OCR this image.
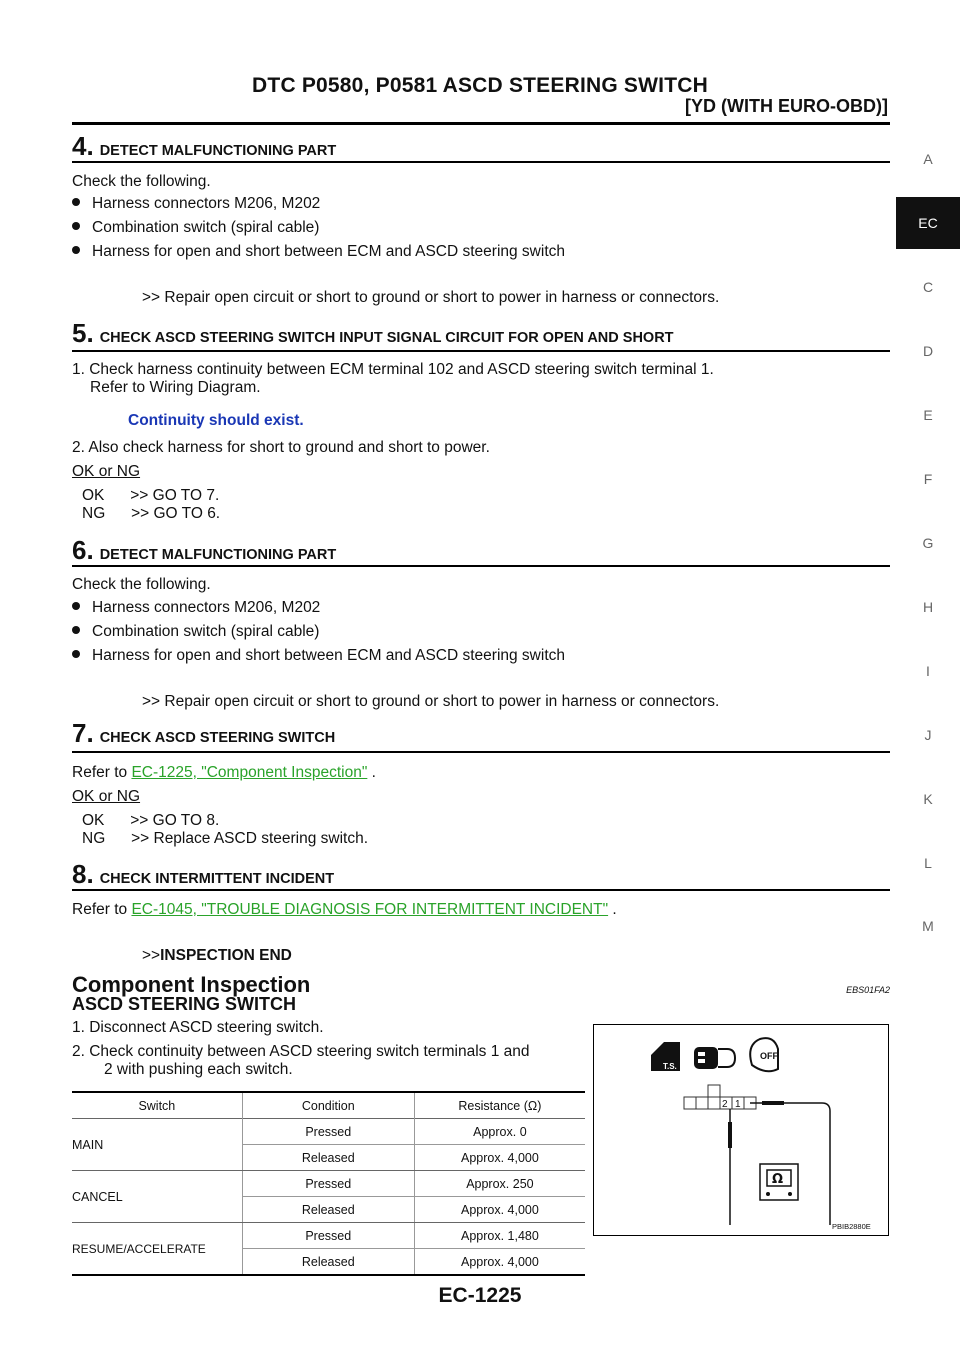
DTC P0580, P0581 ASCD STEERING SWITCH
[YD (WITH EURO-OBD)]
A
EC
C
D
E
F
G
H
I
J
K
L
M
4. DETECT MALFUNCTIONING PART
Check the following.
Harness connectors M206, M202
Combination switch (spiral cable)
Harness for open and short between ECM and ASCD steering switch
>> Repair open circuit or short to ground or short to power in harness or connectors.
5. CHECK ASCD STEERING SWITCH INPUT SIGNAL CIRCUIT FOR OPEN AND SHORT
1. Check harness continuity between ECM terminal 102 and ASCD steering switch terminal 1.
Refer to Wiring Diagram.
Continuity should exist.
2. Also check harness for short to ground and short to power.
OK or NG
OK      >> GO TO 7.
NG      >> GO TO 6.
6. DETECT MALFUNCTIONING PART
Check the following.
Harness connectors M206, M202
Combination switch (spiral cable)
Harness for open and short between ECM and ASCD steering switch
>> Repair open circuit or short to ground or short to power in harness or connectors.
7. CHECK ASCD STEERING SWITCH
Refer to EC-1225, "Component Inspection" .
OK or NG
OK      >> GO TO 8.
NG      >> Replace ASCD steering switch.
8. CHECK INTERMITTENT INCIDENT
Refer to EC-1045, "TROUBLE DIAGNOSIS FOR INTERMITTENT INCIDENT" .
>>INSPECTION END
Component Inspection	EBS01FA2
ASCD STEERING SWITCH
1. Disconnect ASCD steering switch.
2. Check continuity between ASCD steering switch terminals 1 and
2 with pushing each switch.
Switch	Condition	Resistance (Ω)
MAIN	Pressed	Approx. 0
	Released	Approx. 4,000
CANCEL	Pressed	Approx. 250
	Released	Approx. 4,000
RESUME/ACCELERATE	Pressed	Approx. 1,480
	Released	Approx. 4,000
T.S.
OFF
2 1
Ω
PBIB2880E
EC-1225
